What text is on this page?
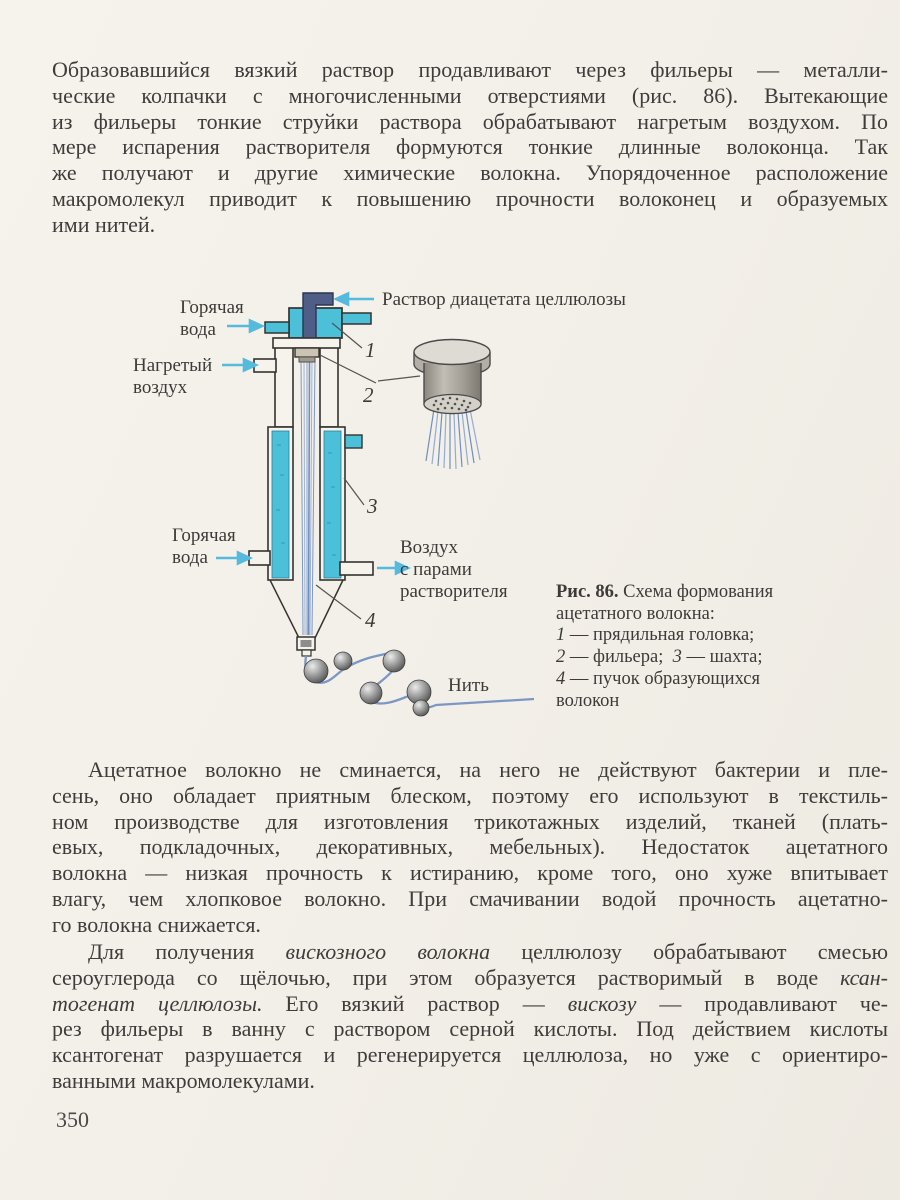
Образовавшийся вязкий раствор продавливают через фильеры — металли-
ческие колпачки с многочисленными отверстиями (рис. 86). Вытекающие
из фильеры тонкие струйки раствора обрабатывают нагретым воздухом. По
мере испарения растворителя формуются тонкие длинные волоконца. Так
же получают и другие химические волокна. Упорядоченное расположение
макромолекул приводит к повышению прочности волоконец и образуемых
ими нитей.
Горячая
вода
Раствор диацетата целлюлозы
Нагретый
воздух
Горячая
вода	Воздух
с парами
растворителя
Нить
1
2
3
4
Рис. 86. Схема формования ацетатного волокна:
1 — прядильная головка;
2 — фильера;  3 — шахта;
4 — пучок образующихся волокон
Ацетатное волокно не сминается, на него не действуют бактерии и пле-
сень, оно обладает приятным блеском, поэтому его используют в текстиль-
ном производстве для изготовления трикотажных изделий, тканей (плать-
евых, подкладочных, декоративных, мебельных). Недостаток ацетатного
волокна — низкая прочность к истиранию, кроме того, оно хуже впитывает
влагу, чем хлопковое волокно. При смачивании водой прочность ацетатно-
го волокна снижается.
Для получения вискозного волокна целлюлозу обрабатывают смесью
сероуглерода со щёлочью, при этом образуется растворимый в воде ксан-
тогенат целлюлозы. Его вязкий раствор — вискозу — продавливают че-
рез фильеры в ванну с раствором серной кислоты. Под действием кислоты
ксантогенат разрушается и регенерируется целлюлоза, но уже с ориентиро-
ванными макромолекулами.
350
